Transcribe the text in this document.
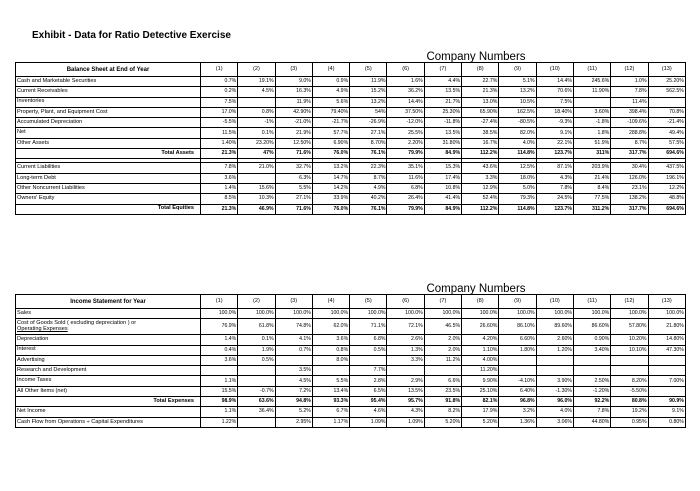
Exhibit - Data for Ratio Detective Exercise
Company Numbers
Balance Sheet at End of Year	(1)	(2)	(3)	(4)	(5)	(6)	(7)	(8)	(9)	(10)	(11)	(12)	(13)
Cash and Marketable Securities	0.7%	19.1%	9.0%	0.9%	11.9%	1.6%	4.4%	22.7%	5.1%	14.4%	245.6%	1.0%	25.20%
Current Receivables	0.2%	4.5%	16.3%	4.9%	15.2%	36.2%	13.5%	21.3%	13.2%	70.6%	11.90%	7.8%	562.5%
Inventories	7.5%		11.9%	5.6%	13.2%	14.4%	21.7%	13.0%	10.5%	7.5%		11.4%	
Property, Plant, and Equipment Cost	17.0%	0.8%	42.90%	79.40%	54%	37.50%	25.30%	65.90%	162.5%	18.40%	3.60%	398.4%	70.8%
Accumulated Depreciation	-5.5%	-1%	-21.0%	-21.7%	-26.9%	-12.0%	-11.8%	-27.4%	-80.5%	-9.3%	-1.8%	-109.6%	-21.4%
Net	11.5%	0.1%	21.9%	57.7%	27.1%	25.5%	13.5%	38.5%	82.0%	9.1%	1.8%	288.8%	49.4%
Other Assets	1.40%	23.20%	12.50%	6.90%	8.70%	2.20%	31.80%	16.7%	4.0%	22.1%	51.9%	8.7%	57.5%
Total Assets	21.3%	47%	71.6%	76.0%	76.1%	79.9%	84.9%	112.2%	114.8%	123.7%	311%	317.7%	694.6%

Current Liabilities	7.8%	21.0%	32.7%	13.2%	22.3%	35.1%	15.3%	43.6%	12.5%	87.1%	203.9%	30.4%	437.5%
Long-term Debt	3.6%		6.3%	14.7%	8.7%	11.6%	17.4%	3.3%	18.0%	4.3%	21.4%	126.0%	196.1%
Other Noncurrent Liabilities	1.4%	15.6%	5.5%	14.2%	4.9%	6.8%	10.8%	12.9%	5.0%	7.8%	8.4%	23.1%	12.2%
Owners' Equity	8.5%	10.3%	27.1%	33.9%	40.2%	26.4%	41.4%	52.4%	79.3%	24.5%	77.5%	138.2%	48.8%
Total Equities	21.3%	46.9%	71.6%	76.0%	76.1%	79.9%	84.9%	112.2%	114.8%	123.7%	311.2%	317.7%	694.6%
Company Numbers
Income Statement for Year	(1)	(2)	(3)	(4)	(5)	(6)	(7)	(8)	(9)	(10)	(11)	(12)	(13)
Sales	100.0%	100.0%	100.0%	100.0%	100.0%	100.0%	100.0%	100.0%	100.0%	100.0%	100.0%	100.0%	100.0%
Cost of Goods Sold ( excluding depreciation ) or
Operating Expenses	76.9%	61.8%	74.8%	62.0%	71.1%	72.1%	46.5%	26.60%	86.10%	89.60%	86.60%	57.80%	21.80%
Depreciation	1.4%	0.1%	4.1%	3.6%	6.8%	2.6%	2.0%	4.20%	6.60%	2.60%	0.90%	10.20%	14.80%
Interest	0.4%	1.9%	0.7%	0.8%	0.5%	1.3%	2.0%	1.10%	1.80%	1.20%	3.40%	10.10%	47.30%
Advertising	3.6%	0.5%		8.0%		3.3%	11.2%	4.00%					
Research and Development			3.5%		7.7%			11.20%					
Income Taxes	1.1%		4.5%	5.5%	2.8%	2.9%	6.6%	9.90%	-4.10%	3.90%	2.50%	8.20%	7.00%
All Other Items (net)	15.5%	-0.7%	7.2%	13.4%	6.5%	13.5%	23.5%	25.10%	6.40%	-1.30%	-1.20%	-5.50%	
Total Expenses	98.9%	63.6%	94.8%	93.3%	95.4%	95.7%	91.8%	82.1%	96.8%	96.0%	92.2%	80.8%	90.9%
Net Income	1.1%	36.4%	5.2%	6.7%	4.6%	4.3%	8.2%	17.9%	3.2%	4.0%	7.8%	19.2%	9.1%
Cash Flow from Operations ÷ Capital Expenditures	1.22%		2.95%	1.17%	1.09%	1.09%	5.20%	5.20%	1.36%	3.06%	44.80%	0.95%	0.80%
